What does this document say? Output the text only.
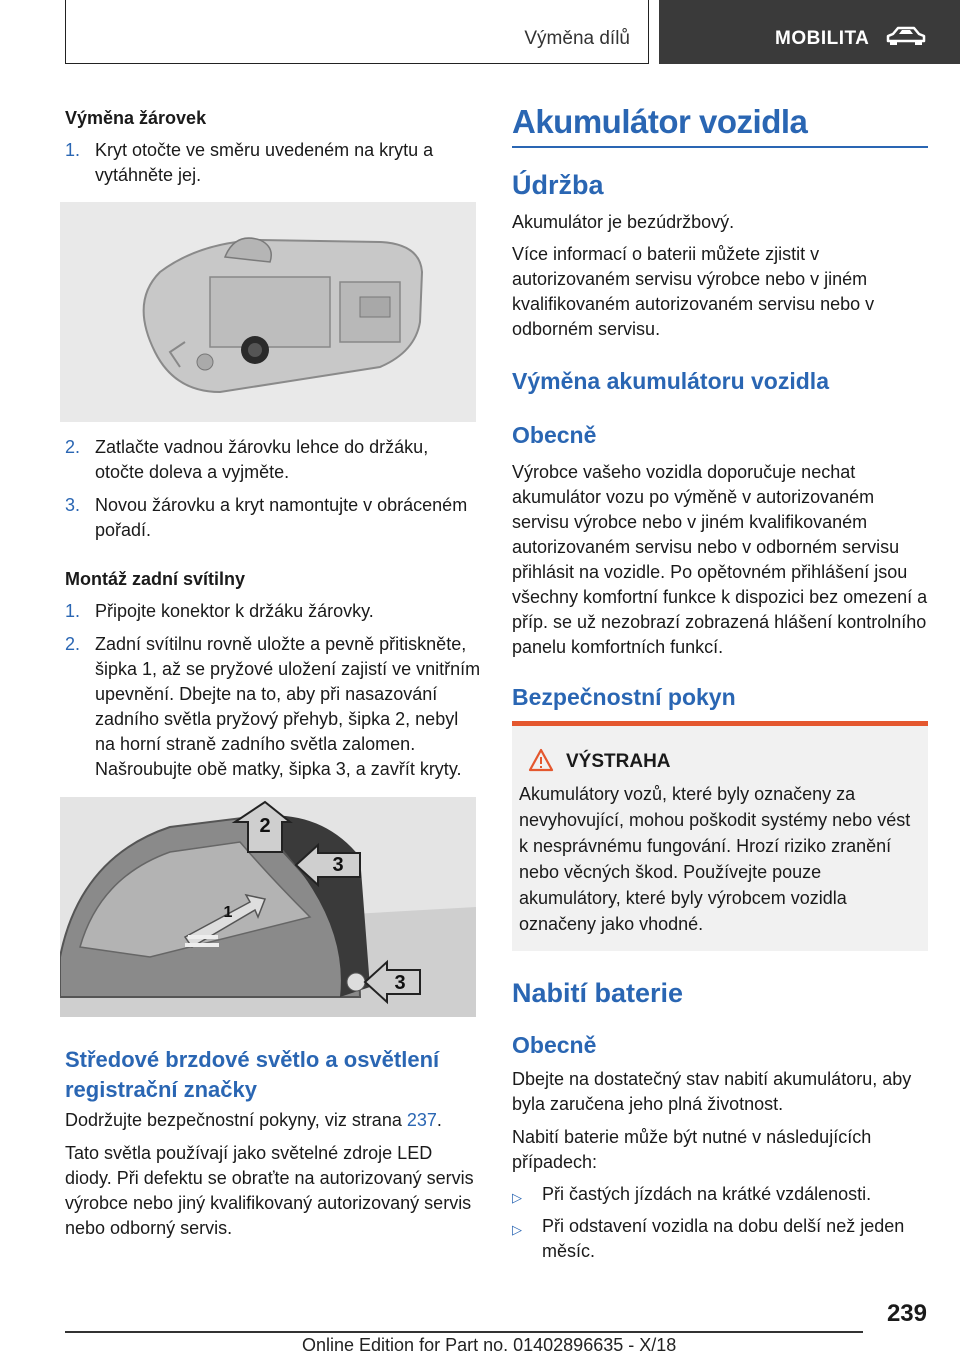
Výměna dílů	MOBILITA
Výměna žárovek
1. Kryt otočte ve směru uvedeném na krytu a vytáhněte jej.
2. Zatlačte vadnou žárovku lehce do držáku, otočte doleva a vyjměte.
3. Novou žárovku a kryt namontujte v obráceném pořadí.
Montáž zadní svítilny
1. Připojte konektor k držáku žárovky.
2. Zadní svítilnu rovně uložte a pevně přitiskněte, šipka 1, až se pryžové uložení zajistí ve vnitřním upevnění. Dbejte na to, aby při nasazování zadního světla pryžový přehyb, šipka 2, nebyl na horní straně zadního světla zalomen. Našroubujte obě matky, šipka 3, a zavřít kryty.
2
3
1
3
Středové brzdové světlo a osvětlení registrační značky
Dodržujte bezpečnostní pokyny, viz strana 237.
Tato světla používají jako světelné zdroje LED diody. Při defektu se obraťte na autorizovaný servis výrobce nebo jiný kvalifikovaný autorizovaný servis nebo odborný servis.
Akumulátor vozidla
Údržba
Akumulátor je bezúdržbový.
Více informací o baterii můžete zjistit v autorizovaném servisu výrobce nebo v jiném kvalifikovaném autorizovaném servisu nebo v odborném servisu.
Výměna akumulátoru vozidla
Obecně
Výrobce vašeho vozidla doporučuje nechat akumulátor vozu po výměně v autorizovaném servisu výrobce nebo v jiném kvalifikovaném autorizovaném servisu nebo v odborném servisu přihlásit na vozidle. Po opětovném přihlášení jsou všechny komfortní funkce k dispozici bez omezení a příp. se už nezobrazí zobrazená hlášení kontrolního panelu komfortních funkcí.
Bezpečnostní pokyn
VÝSTRAHA
Akumulátory vozů, které byly označeny za nevyhovující, mohou poškodit systémy nebo vést k nesprávnému fungování. Hrozí riziko zranění nebo věcných škod. Používejte pouze akumulátory, které byly výrobcem vozidla označeny jako vhodné.
Nabití baterie
Obecně
Dbejte na dostatečný stav nabití akumulátoru, aby byla zaručena jeho plná životnost.
Nabití baterie může být nutné v následujících případech:
▷ Při častých jízdách na krátké vzdálenosti.
▷ Při odstavení vozidla na dobu delší než jeden měsíc.
239
Online Edition for Part no. 01402896635 - X/18
